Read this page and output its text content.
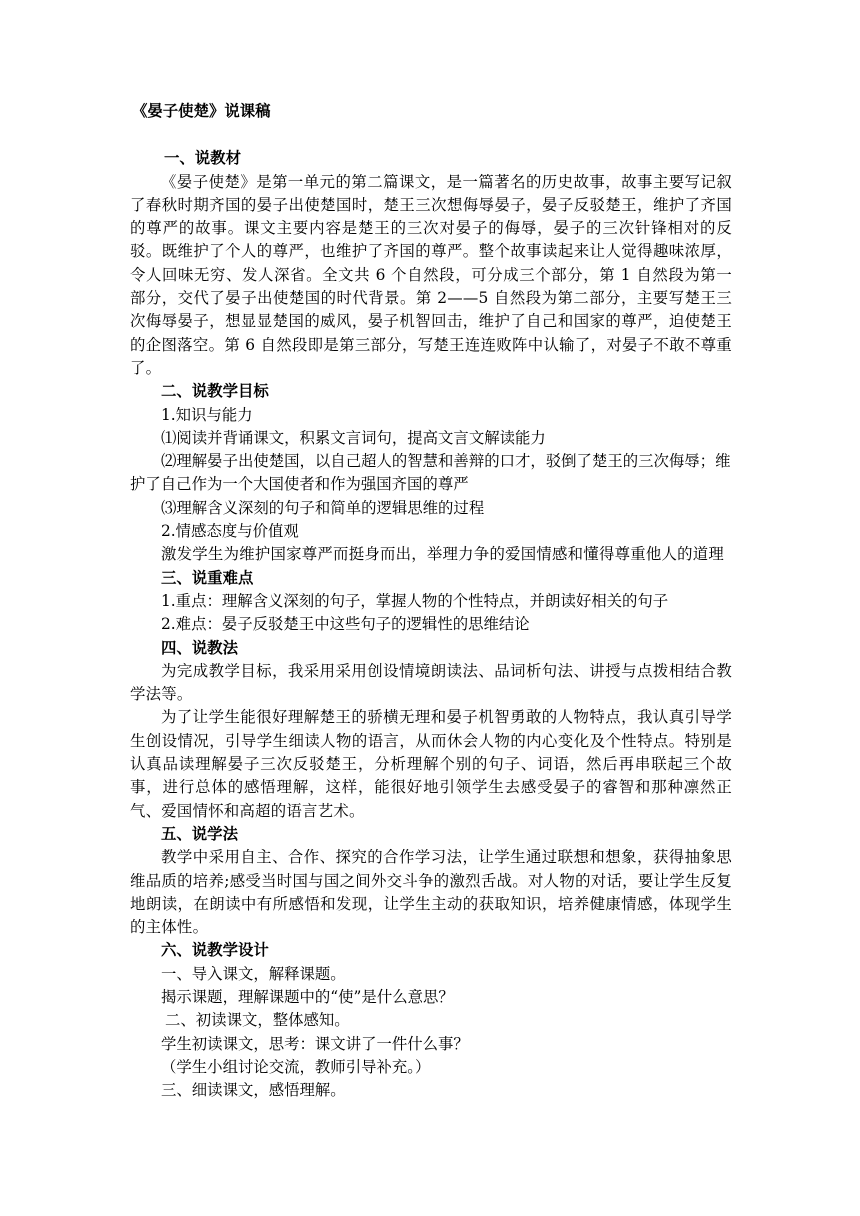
《晏子使楚》说课稿

一、说教材

《晏子使楚》是第一单元的第二篇课文，是一篇著名的历史故事，故事主要写记叙了春秋时期齐国的晏子出使楚国时，楚王三次想侮辱晏子，晏子反驳楚王，维护了齐国的尊严的故事。课文主要内容是楚王的三次对晏子的侮辱，晏子的三次针锋相对的反驳。既维护了个人的尊严，也维护了齐国的尊严。整个故事读起来让人觉得趣味浓厚，令人回味无穷、发人深省。全文共 6 个自然段，可分成三个部分，第 1 自然段为第一部分，交代了晏子出使楚国的时代背景。第 2——5 自然段为第二部分，主要写楚王三次侮辱晏子，想显显楚国的威风，晏子机智回击，维护了自己和国家的尊严，迫使楚王的企图落空。第 6 自然段即是第三部分，写楚王连连败阵中认输了，对晏子不敢不尊重了。

二、说教学目标

1.知识与能力

⑴阅读并背诵课文，积累文言词句，提高文言文解读能力

⑵理解晏子出使楚国，以自己超人的智慧和善辩的口才，驳倒了楚王的三次侮辱；维护了自己作为一个大国使者和作为强国齐国的尊严

⑶理解含义深刻的句子和简单的逻辑思维的过程

2.情感态度与价值观

激发学生为维护国家尊严而挺身而出，举理力争的爱国情感和懂得尊重他人的道理

三、说重难点

1.重点：理解含义深刻的句子，掌握人物的个性特点，并朗读好相关的句子

2.难点：晏子反驳楚王中这些句子的逻辑性的思维结论

四、说教法

为完成教学目标，我采用采用创设情境朗读法、品词析句法、讲授与点拨相结合教学法等。

为了让学生能很好理解楚王的骄横无理和晏子机智勇敢的人物特点，我认真引导学生创设情况，引导学生细读人物的语言，从而休会人物的内心变化及个性特点。特别是认真品读理解晏子三次反驳楚王，分析理解个别的句子、词语，然后再串联起三个故事，进行总体的感悟理解，这样，能很好地引领学生去感受晏子的睿智和那种凛然正气、爱国情怀和高超的语言艺术。

五、说学法

教学中采用自主、合作、探究的合作学习法，让学生通过联想和想象，获得抽象思维品质的培养;感受当时国与国之间外交斗争的激烈舌战。对人物的对话，要让学生反复地朗读，在朗读中有所感悟和发现，让学生主动的获取知识，培养健康情感，体现学生的主体性。

六、说教学设计

一、导入课文，解释课题。

揭示课题，理解课题中的“使”是什么意思？

二、初读课文，整体感知。

学生初读课文，思考：课文讲了一件什么事？

（学生小组讨论交流，教师引导补充。）

三、细读课文，感悟理解。
